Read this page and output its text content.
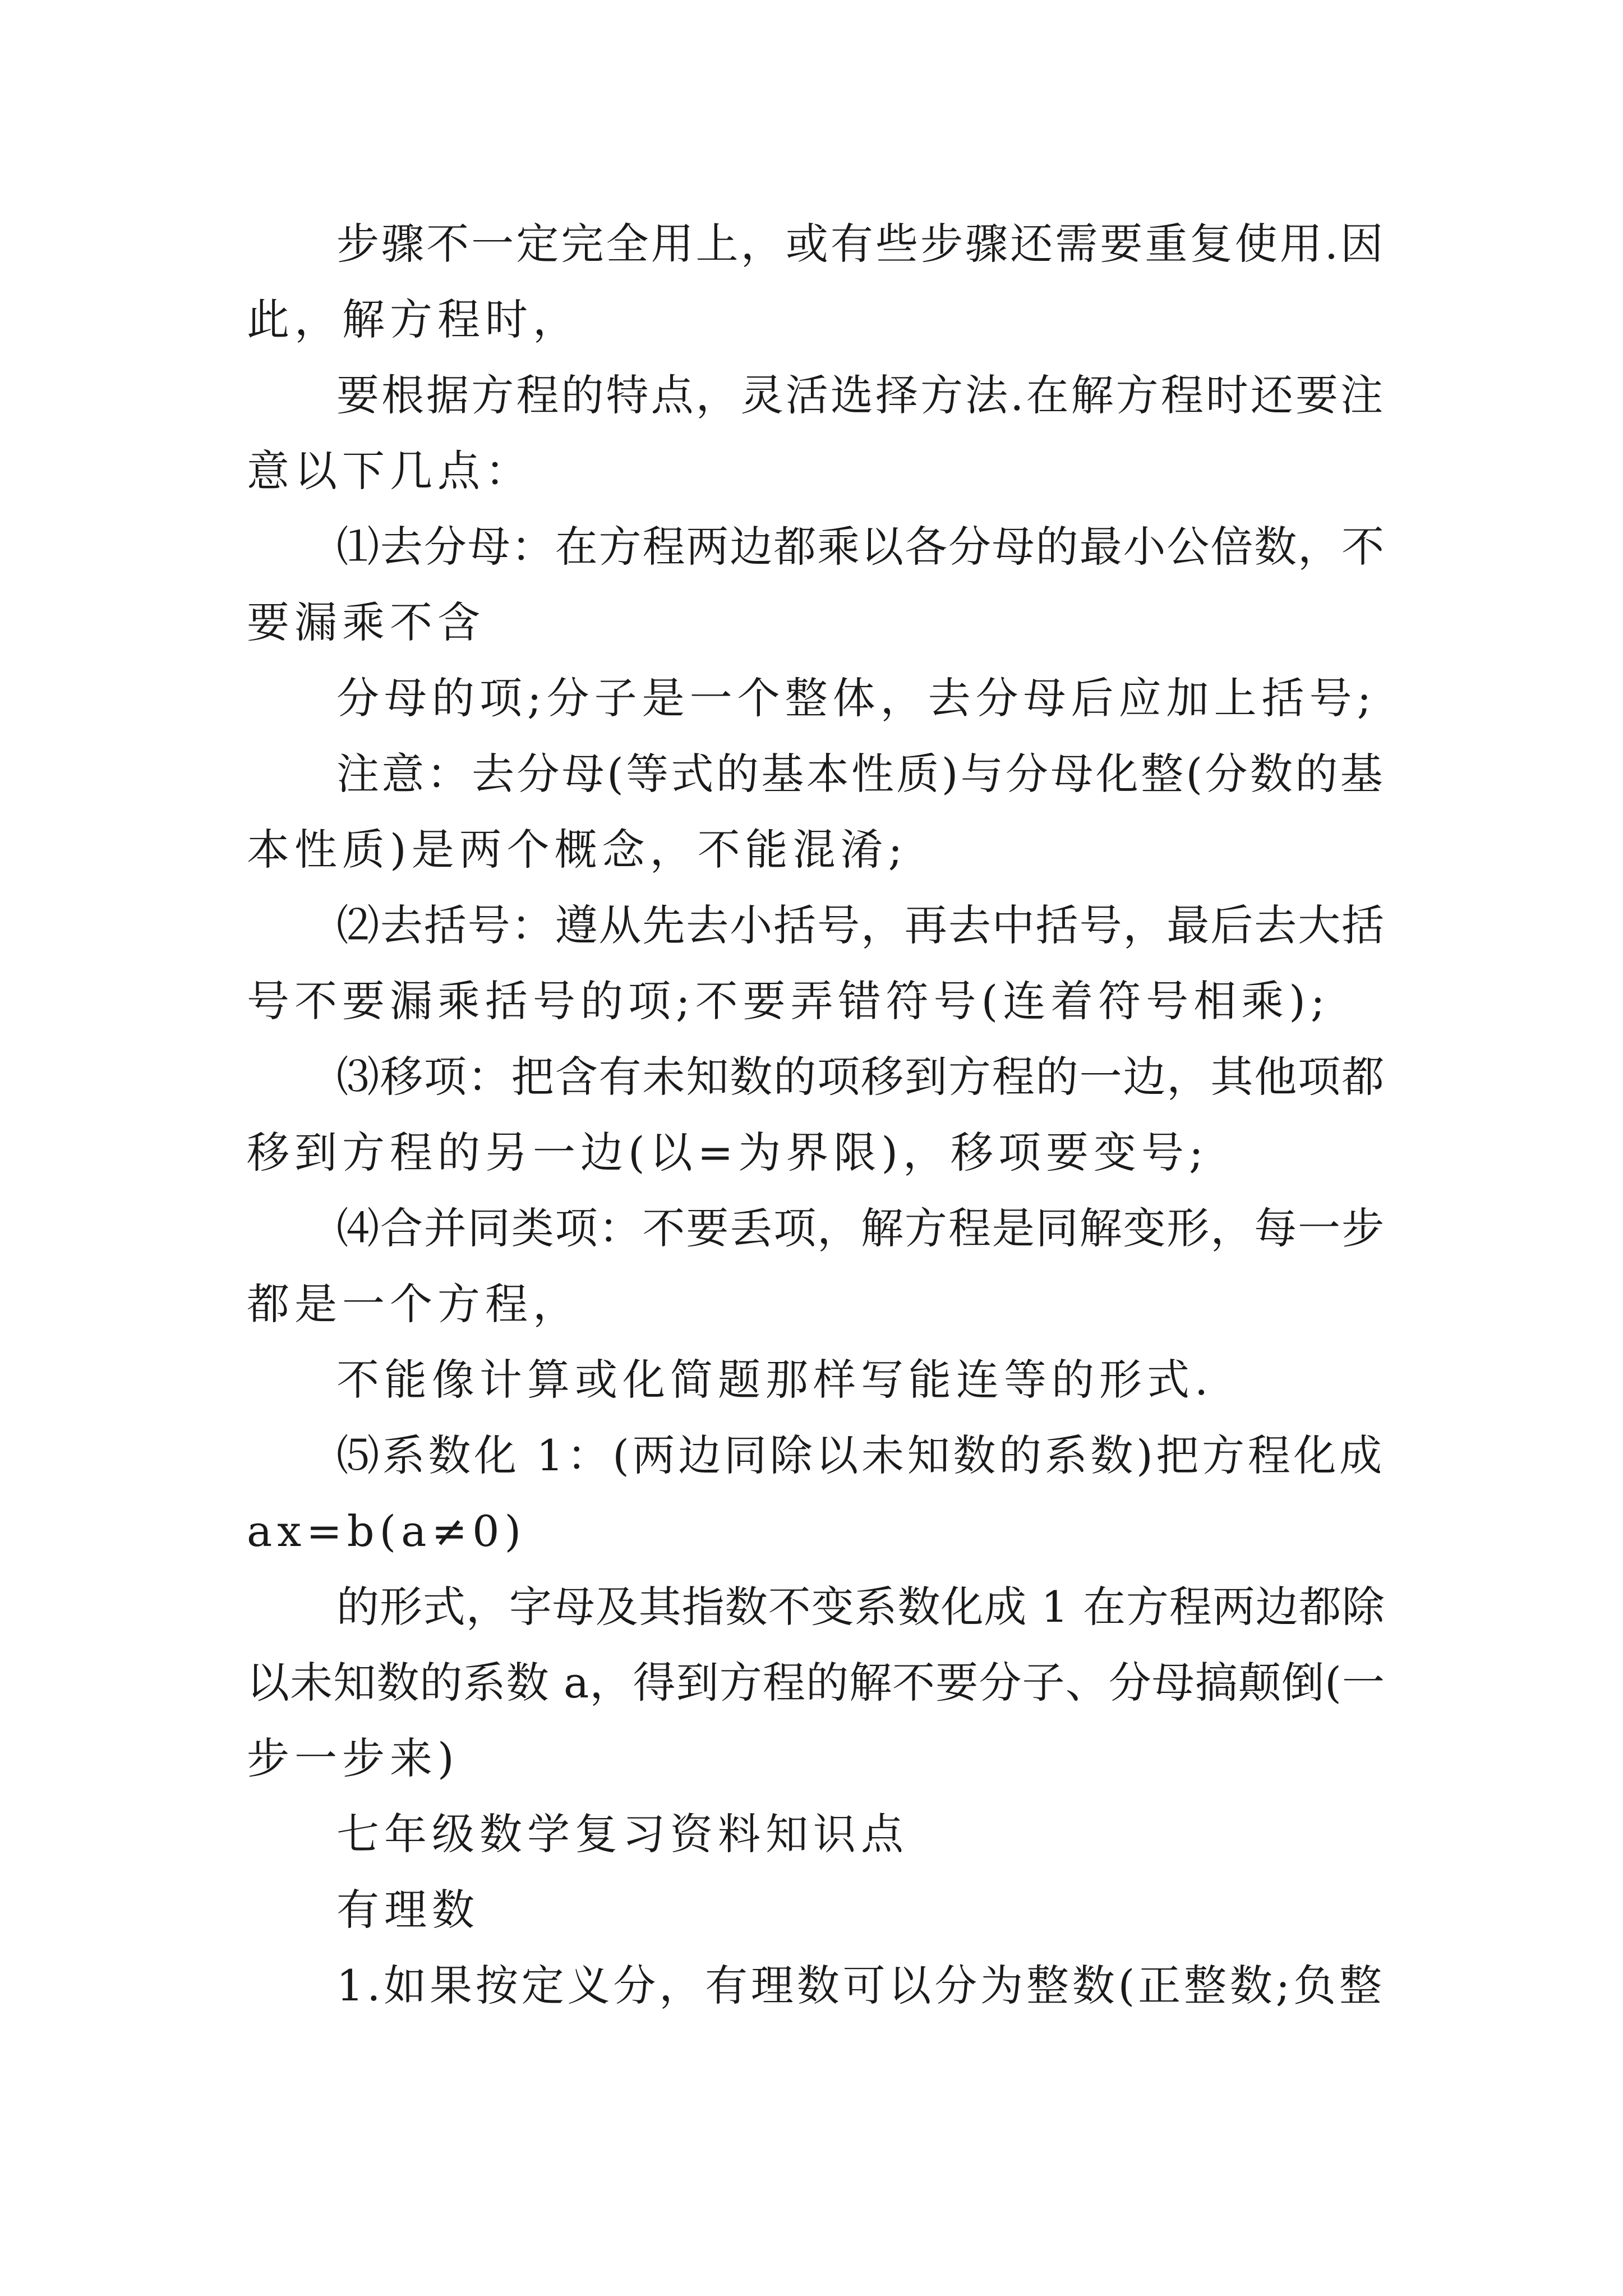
步骤不一定完全用上，或有些步骤还需要重复使用.因

此，解方程时，

要根据方程的特点，灵活选择方法.在解方程时还要注

意以下几点：

⑴去分母：在方程两边都乘以各分母的最小公倍数，不

要漏乘不含

分母的项;分子是一个整体，去分母后应加上括号;

注意：去分母(等式的基本性质)与分母化整(分数的基

本性质)是两个概念，不能混淆;

⑵去括号：遵从先去小括号，再去中括号，最后去大括

号不要漏乘括号的项;不要弄错符号(连着符号相乘);

⑶移项：把含有未知数的项移到方程的一边，其他项都

移到方程的另一边(以=为界限)，移项要变号;

⑷合并同类项：不要丢项，解方程是同解变形，每一步

都是一个方程，

不能像计算或化简题那样写能连等的形式.

⑸系数化 1：(两边同除以未知数的系数)把方程化成

ax=b(a≠0)

的形式，字母及其指数不变系数化成 1 在方程两边都除

以未知数的系数 a，得到方程的解不要分子、分母搞颠倒(一

步一步来)

七年级数学复习资料知识点

有理数

1.如果按定义分，有理数可以分为整数(正整数;负整
